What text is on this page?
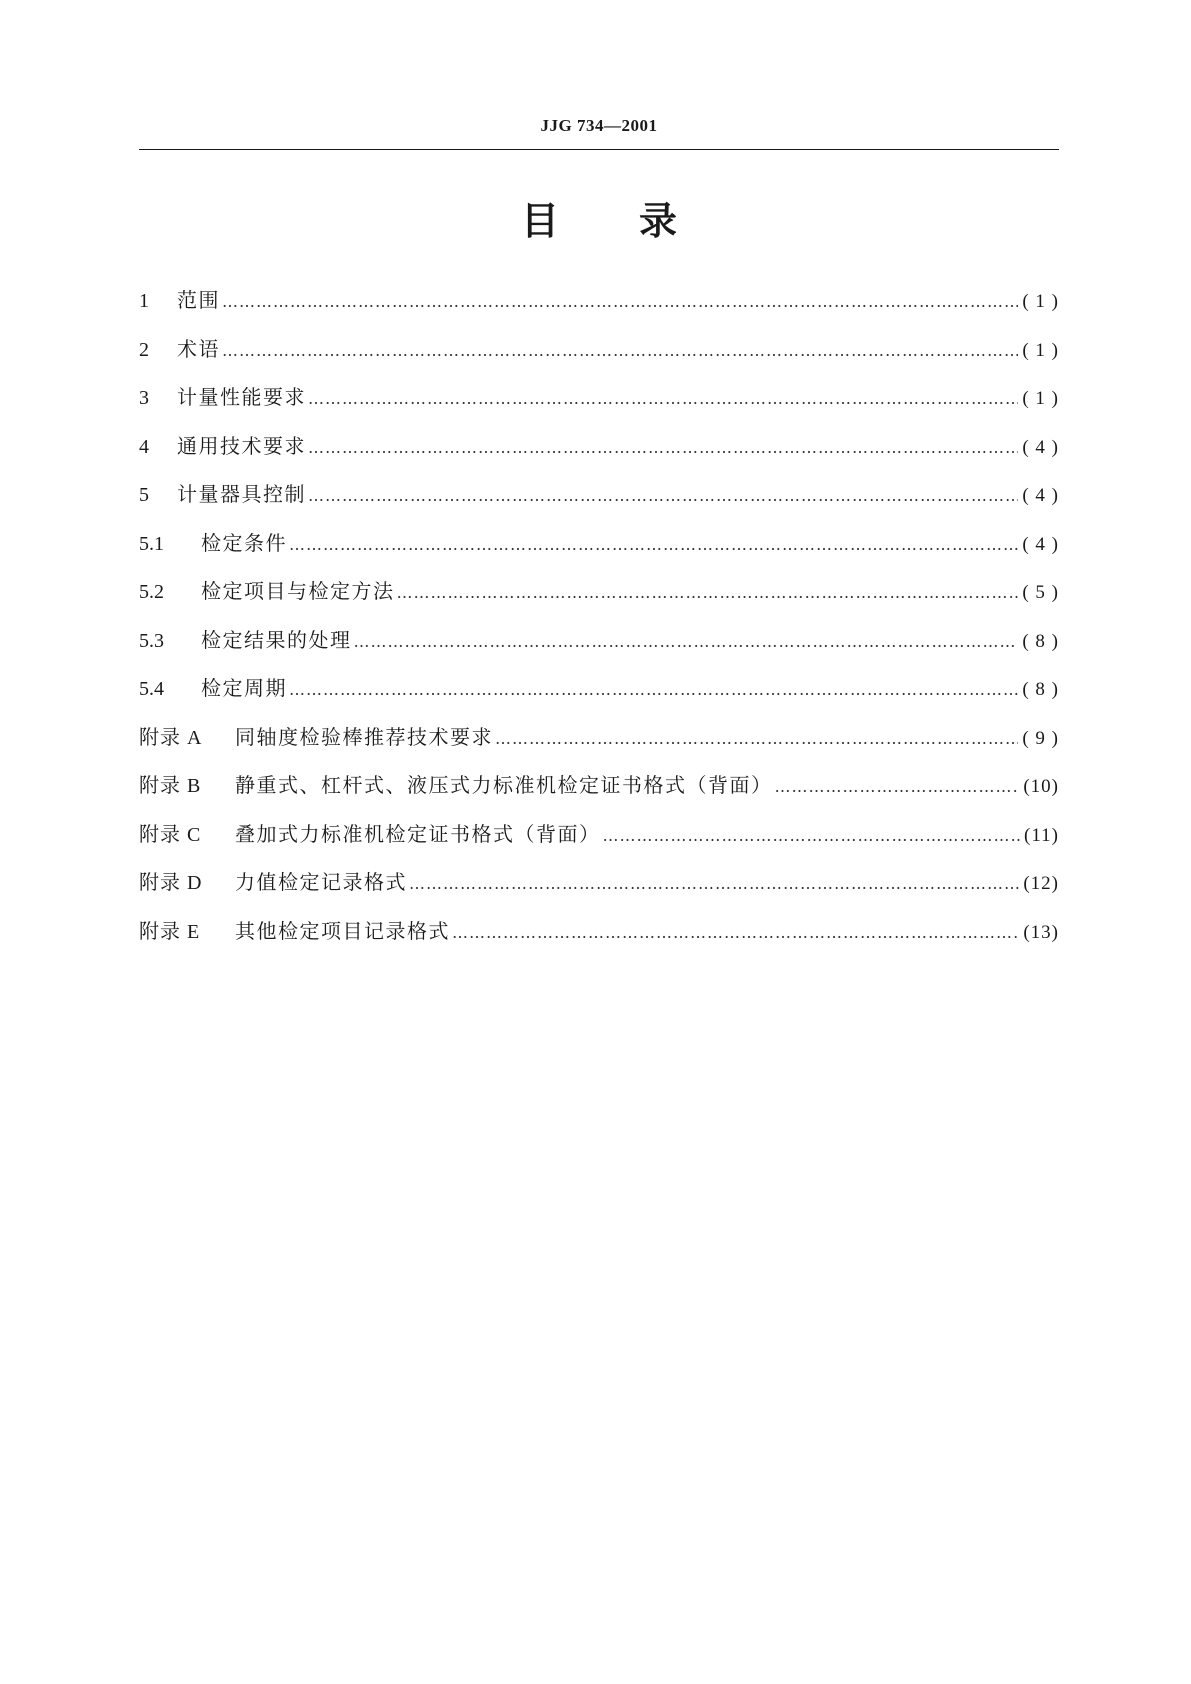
JJG 734—2001
目 录
1	范围 …………………………………………………………………………………………………………………………………………………………………………………………………………………………………	( 1 )
2	术语 …………………………………………………………………………………………………………………………………………………………………………………………………………………………………	( 1 )
3	计量性能要求 …………………………………………………………………………………………………………………………………………………………………………………………………………………………………	( 1 )
4	通用技术要求 …………………………………………………………………………………………………………………………………………………………………………………………………………………………………	( 4 )
5	计量器具控制 …………………………………………………………………………………………………………………………………………………………………………………………………………………………………	( 4 )
5.1	检定条件 …………………………………………………………………………………………………………………………………………………………………………………………………………………………………	( 4 )
5.2	检定项目与检定方法 …………………………………………………………………………………………………………………………………………………………………………………………………………………………………	( 5 )
5.3	检定结果的处理 …………………………………………………………………………………………………………………………………………………………………………………………………………………………………	( 8 )
5.4	检定周期 …………………………………………………………………………………………………………………………………………………………………………………………………………………………………	( 8 )
附录 A	同轴度检验棒推荐技术要求 …………………………………………………………………………………………………………………………………………………………………………………………………………………………………	( 9 )
附录 B	静重式、杠杆式、液压式力标准机检定证书格式（背面） …………………………………………………………………………………………………………………………………………………………………………………………………………………………………	(10)
附录 C	叠加式力标准机检定证书格式（背面） …………………………………………………………………………………………………………………………………………………………………………………………………………………………………	(11)
附录 D	力值检定记录格式 …………………………………………………………………………………………………………………………………………………………………………………………………………………………………	(12)
附录 E	其他检定项目记录格式 …………………………………………………………………………………………………………………………………………………………………………………………………………………………………	(13)
